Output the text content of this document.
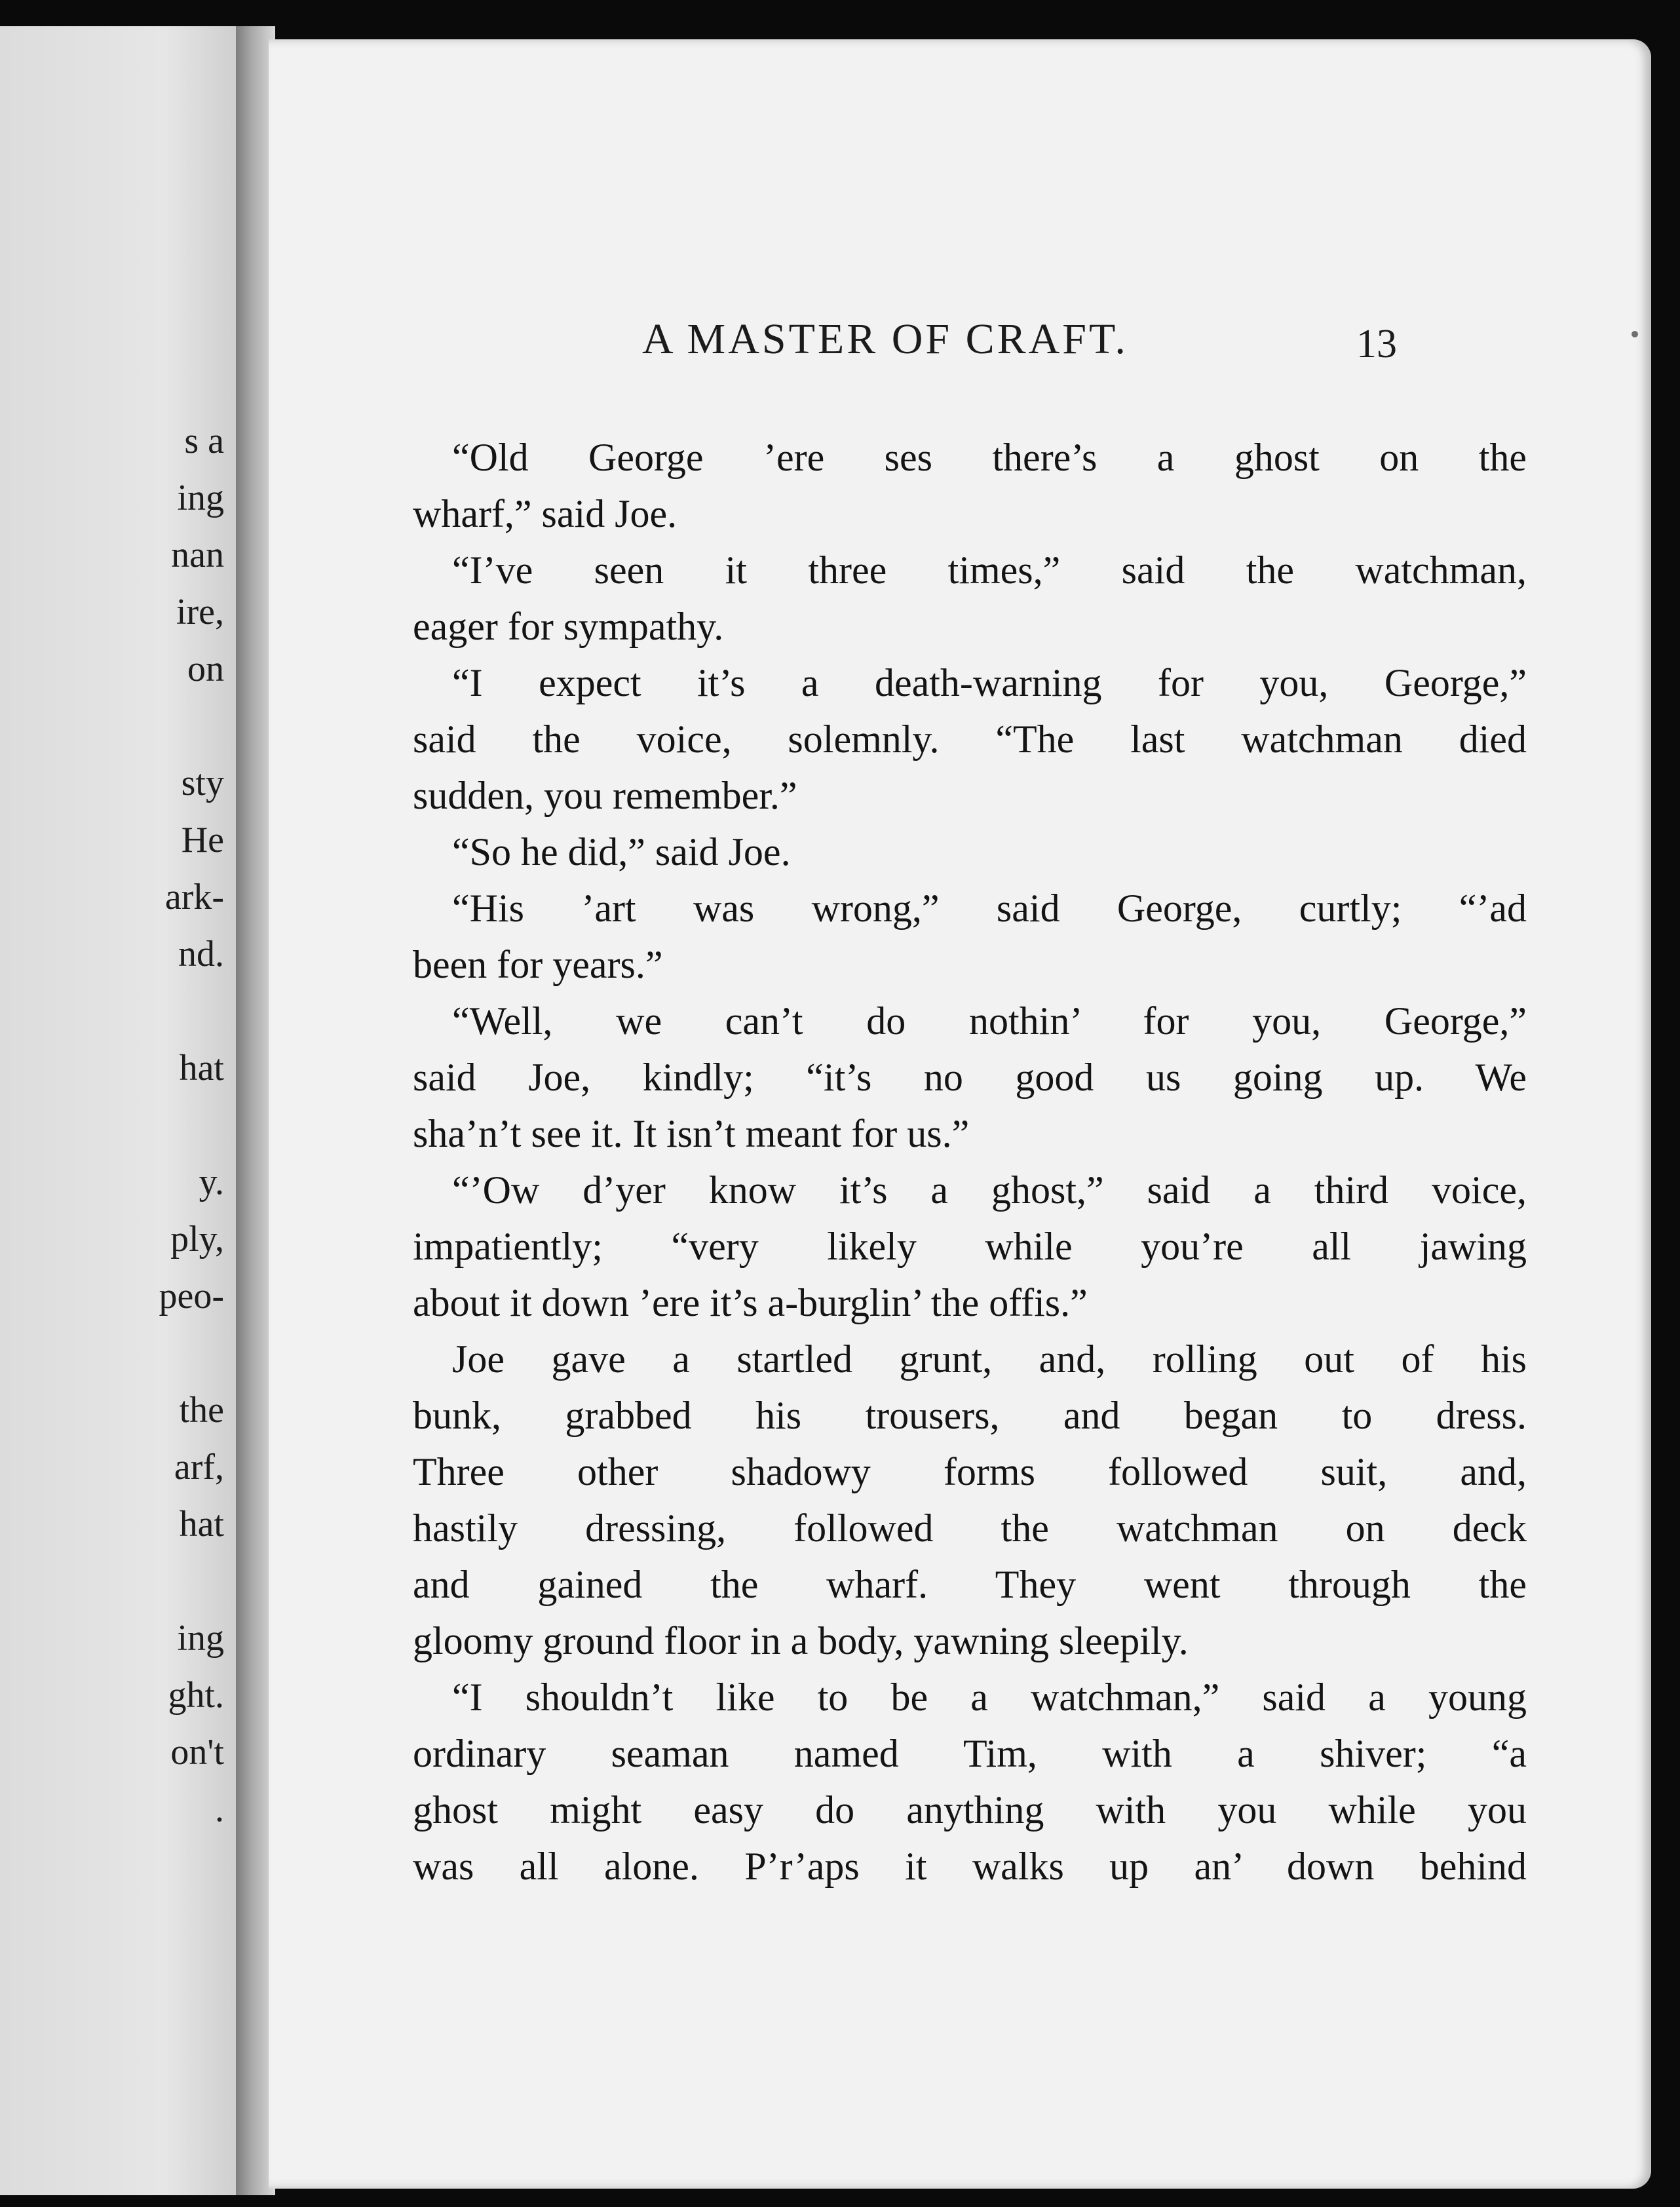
s a
ing
nan
ire,
on
sty
He
ark-
nd.
hat
y.
ply,
peo-
the
arf,
hat
ing
ght.
on't
.
A MASTER OF CRAFT.	13
“Old George ’ere ses there’s a ghost on the
wharf,” said Joe.
“I’ve seen it three times,” said the watchman,
eager for sympathy.
“I expect it’s a death-warning for you, George,”
said the voice, solemnly. “The last watchman died
sudden, you remember.”
“So he did,” said Joe.
“His ’art was wrong,” said George, curtly; “’ad
been for years.”
“Well, we can’t do nothin’ for you, George,”
said Joe, kindly; “it’s no good us going up. We
sha’n’t see it. It isn’t meant for us.”
“’Ow d’yer know it’s a ghost,” said a third voice,
impatiently; “very likely while you’re all jawing
about it down ’ere it’s a-burglin’ the offis.”
Joe gave a startled grunt, and, rolling out of his
bunk, grabbed his trousers, and began to dress.
Three other shadowy forms followed suit, and,
hastily dressing, followed the watchman on deck
and gained the wharf. They went through the
gloomy ground floor in a body, yawning sleepily.
“I shouldn’t like to be a watchman,” said a young
ordinary seaman named Tim, with a shiver; “a
ghost might easy do anything with you while you
was all alone. P’r’aps it walks up an’ down behind
